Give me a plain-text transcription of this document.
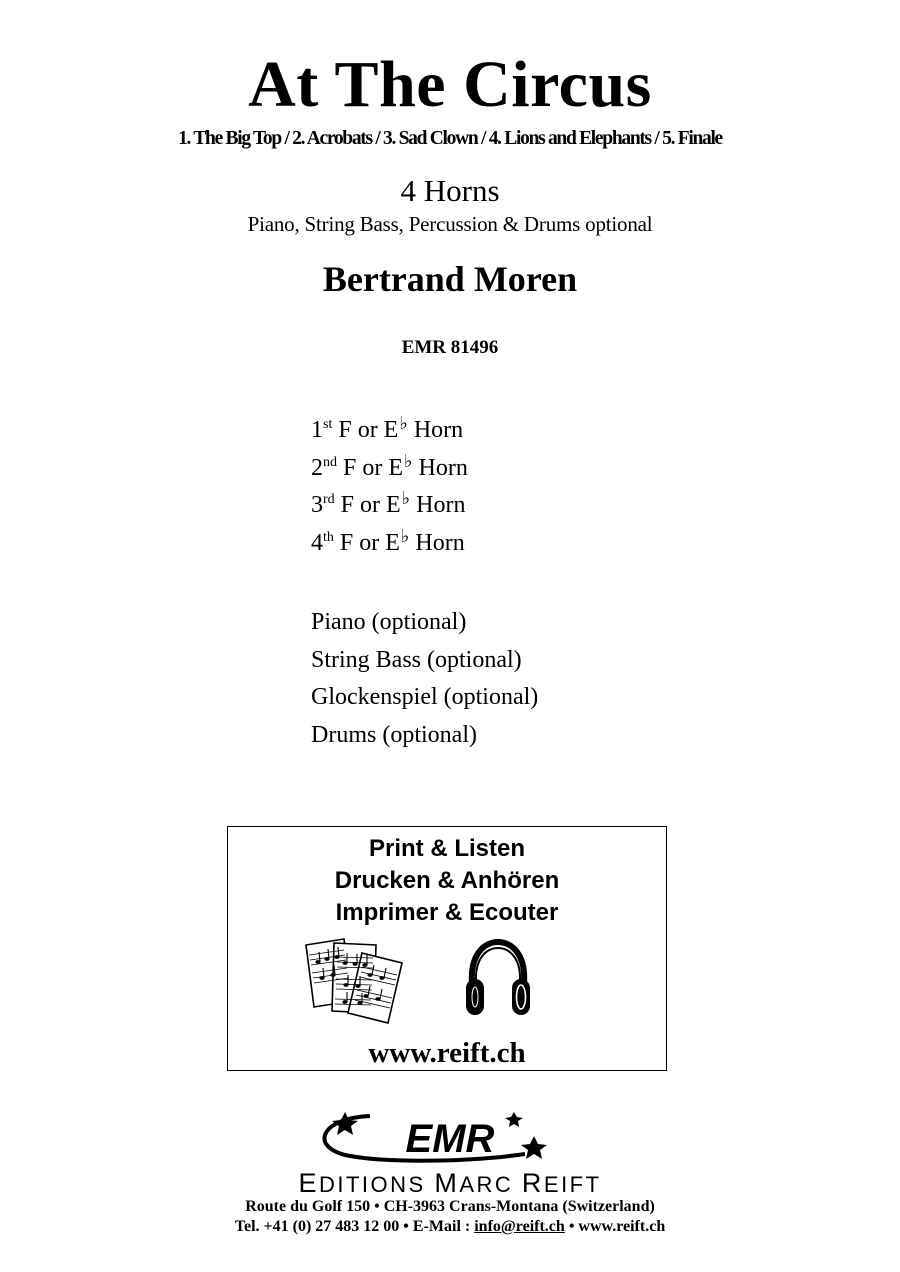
At The Circus
1. The Big Top / 2. Acrobats / 3. Sad Clown / 4. Lions and Elephants / 5. Finale
4 Horns
Piano, String Bass, Percussion & Drums optional
Bertrand Moren
EMR 81496
1st F or E♭ Horn
2nd F or E♭ Horn
3rd F or E♭ Horn
4th F or E♭ Horn
Piano (optional)
String Bass (optional)
Glockenspiel (optional)
Drums (optional)
Print & Listen
Drucken & Anhören
Imprimer & Ecouter
www.reift.ch
EMR
EDITIONS MARC REIFT
Route du Golf 150 • CH-3963 Crans-Montana (Switzerland)
Tel. +41 (0) 27 483 12 00 • E-Mail : info@reift.ch • www.reift.ch
